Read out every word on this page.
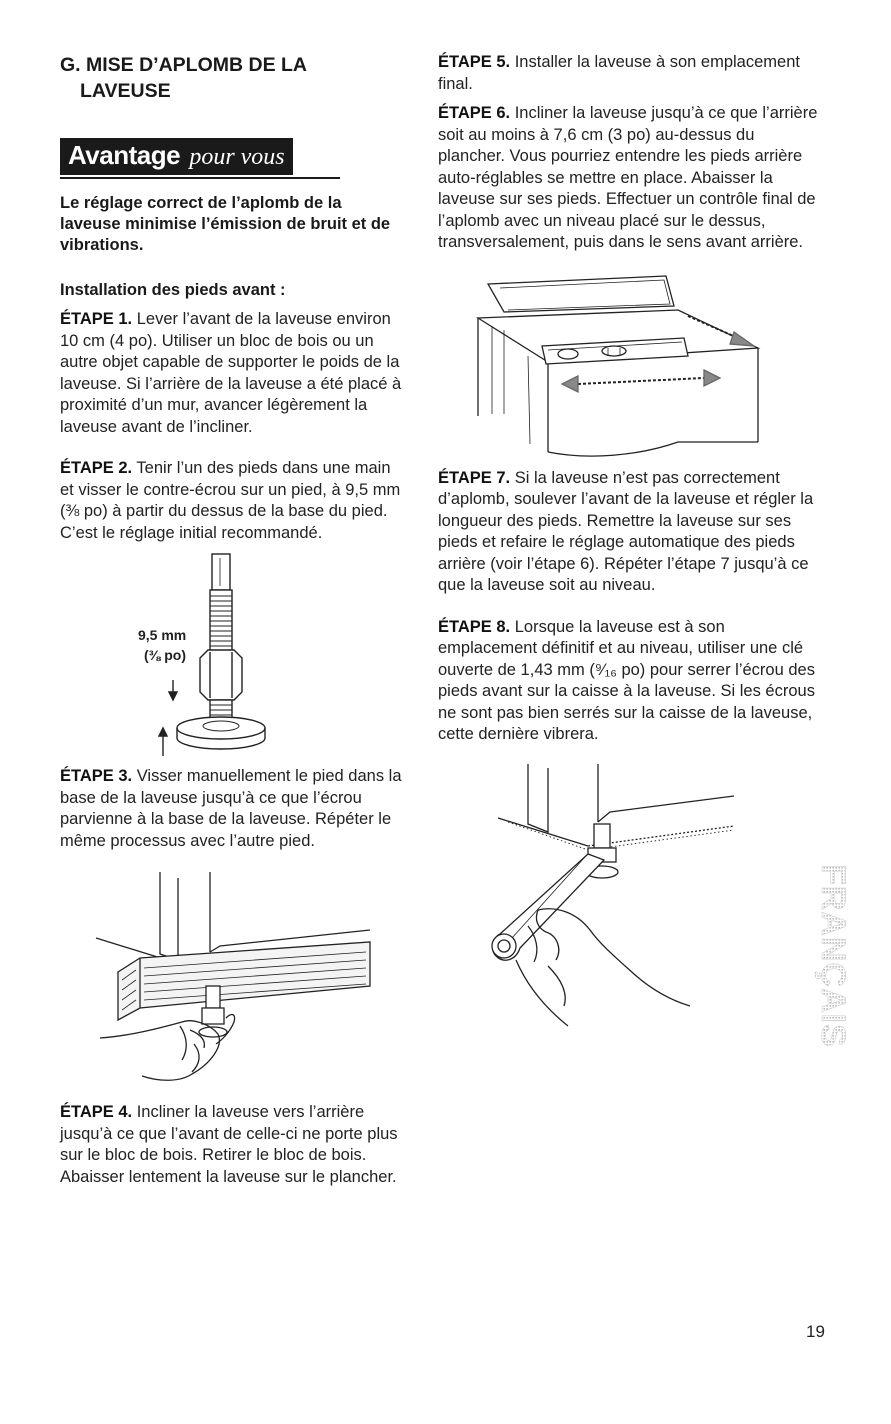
G. MISE D’APLOMB DE LA LAVEUSE
Avantage pour vous

Le réglage correct de l’aplomb de la laveuse minimise l’émission de bruit et de vibrations.

Installation des pieds avant :

ÉTAPE 1. Lever l’avant de la laveuse environ 10 cm (4 po). Utiliser un bloc de bois ou un autre objet capable de supporter le poids de la laveuse. Si l’arrière de la laveuse a été placé à proximité d’un mur, avancer légèrement la laveuse avant de l’incliner.

ÉTAPE 2. Tenir l’un des pieds dans une main et visser le contre-écrou sur un pied, à 9,5 mm (⅜ po) à partir du dessus de la base du pied. C’est le réglage initial recommandé.

9,5 mm
(⅜ po)

ÉTAPE 3. Visser manuellement le pied dans la base de la laveuse jusqu’à ce que l’écrou parvienne à la base de la laveuse. Répéter le même processus avec l’autre pied.

ÉTAPE 4. Incliner la laveuse vers l’arrière jusqu’à ce que l’avant de celle-ci ne porte plus sur le bloc de bois. Retirer le bloc de bois. Abaisser lentement la laveuse sur le plancher.

ÉTAPE 5. Installer la laveuse à son emplacement final.

ÉTAPE 6. Incliner la laveuse jusqu’à ce que l’arrière soit au moins à 7,6 cm (3 po) au-dessus du plancher. Vous pourriez entendre les pieds arrière auto-réglables se mettre en place. Abaisser la laveuse sur ses pieds. Effectuer un contrôle final de l’aplomb avec un niveau placé sur le dessus, transversalement, puis dans le sens avant arrière.

ÉTAPE 7. Si la laveuse n’est pas correctement d’aplomb, soulever l’avant de la laveuse et régler la longueur des pieds. Remettre la laveuse sur ses pieds et refaire le réglage automatique des pieds arrière (voir l’étape 6). Répéter l’étape 7 jusqu’à ce que la laveuse soit au niveau.

ÉTAPE 8. Lorsque la laveuse est à son emplacement définitif et au niveau, utiliser une clé ouverte de 1,43 mm (⁹⁄₁₆ po) pour serrer l’écrou des pieds avant sur la caisse à la laveuse. Si les écrous ne sont pas bien serrés sur la caisse de la laveuse, cette dernière vibrera.

FRANÇAIS
19
